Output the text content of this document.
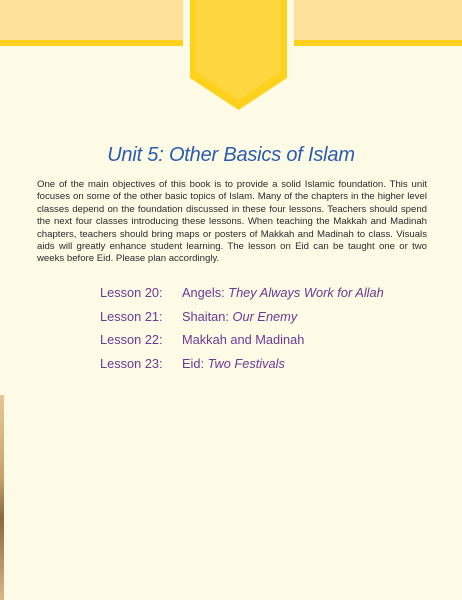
Unit 5: Other Basics of Islam

One of the main objectives of this book is to provide a solid Islamic foundation. This unit focuses on some of the other basic topics of Islam. Many of the chapters in the higher level classes depend on the foundation discussed in these four lessons. Teachers should spend the next four classes introducing these lessons. When teaching the Makkah and Madinah chapters, teachers should bring maps or posters of Makkah and Madinah to class. Visuals aids will greatly enhance student learning. The lesson on Eid can be taught one or two weeks before Eid. Please plan accordingly.

Lesson 20:	Angels: They Always Work for Allah
Lesson 21:	Shaitan: Our Enemy
Lesson 22:	Makkah and Madinah
Lesson 23:	Eid: Two Festivals
